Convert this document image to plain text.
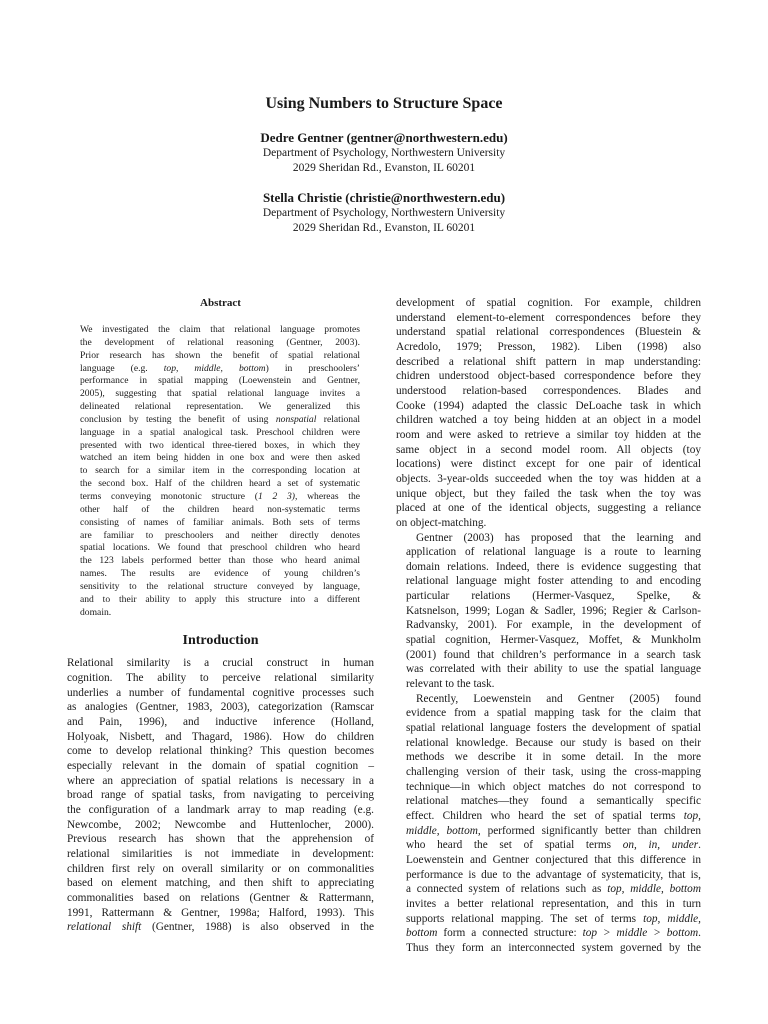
Using Numbers to Structure Space
Dedre Gentner (gentner@northwestern.edu)
Department of Psychology, Northwestern University
2029 Sheridan Rd., Evanston, IL 60201
Stella Christie (christie@northwestern.edu)
Department of Psychology, Northwestern University
2029 Sheridan Rd., Evanston, IL 60201
Abstract
We investigated the claim that relational language promotes
the development of relational reasoning (Gentner, 2003).
Prior research has shown the benefit of spatial relational
language (e.g. top, middle, bottom) in preschoolers’
performance in spatial mapping (Loewenstein and Gentner,
2005), suggesting that spatial relational language invites a
delineated relational representation. We generalized this
conclusion by testing the benefit of using nonspatial relational
language in a spatial analogical task. Preschool children were
presented with two identical three-tiered boxes, in which they
watched an item being hidden in one box and were then asked
to search for a similar item in the corresponding location at
the second box. Half of the children heard a set of systematic
terms conveying monotonic structure (1 2 3), whereas the
other half of the children heard non-systematic terms
consisting of names of familiar animals. Both sets of terms
are familiar to preschoolers and neither directly denotes
spatial locations. We found that preschool children who heard
the 123 labels performed better than those who heard animal
names. The results are evidence of young children’s
sensitivity to the relational structure conveyed by language,
and to their ability to apply this structure into a different
domain.
Introduction
Relational similarity is a crucial construct in human
cognition. The ability to perceive relational similarity
underlies a number of fundamental cognitive processes such
as analogies (Gentner, 1983, 2003), categorization (Ramscar
and Pain, 1996), and inductive inference (Holland,
Holyoak, Nisbett, and Thagard, 1986). How do children
come to develop relational thinking? This question becomes
especially relevant in the domain of spatial cognition –
where an appreciation of spatial relations is necessary in a
broad range of spatial tasks, from navigating to perceiving
the configuration of a landmark array to map reading (e.g.
Newcombe, 2002; Newcombe and Huttenlocher, 2000).
Previous research has shown that the apprehension of
relational similarities is not immediate in development:
children first rely on overall similarity or on commonalities
based on element matching, and then shift to appreciating
commonalities based on relations (Gentner & Rattermann,
1991, Rattermann & Gentner, 1998a; Halford, 1993). This
relational shift (Gentner, 1988) is also observed in the
development of spatial cognition. For example, children
understand element-to-element correspondences before they
understand spatial relational correspondences (Bluestein &
Acredolo, 1979; Presson, 1982). Liben (1998) also
described a relational shift pattern in map understanding:
chidren understood object-based correspondence before they
understood relation-based correspondences. Blades and
Cooke (1994) adapted the classic DeLoache task in which
children watched a toy being hidden at an object in a model
room and were asked to retrieve a similar toy hidden at the
same object in a second model room. All objects (toy
locations) were distinct except for one pair of identical
objects. 3-year-olds succeeded when the toy was hidden at a
unique object, but they failed the task when the toy was
placed at one of the identical objects, suggesting a reliance
on object-matching.
Gentner (2003) has proposed that the learning and
application of relational language is a route to learning
domain relations. Indeed, there is evidence suggesting that
relational language might foster attending to and encoding
particular relations (Hermer-Vasquez, Spelke, &
Katsnelson, 1999; Logan & Sadler, 1996; Regier & Carlson-
Radvansky, 2001). For example, in the development of
spatial cognition, Hermer-Vasquez, Moffet, & Munkholm
(2001) found that children’s performance in a search task
was correlated with their ability to use the spatial language
relevant to the task.
Recently, Loewenstein and Gentner (2005) found
evidence from a spatial mapping task for the claim that
spatial relational language fosters the development of spatial
relational knowledge. Because our study is based on their
methods we describe it in some detail. In the more
challenging version of their task, using the cross-mapping
technique—in which object matches do not correspond to
relational matches—they found a semantically specific
effect. Children who heard the set of spatial terms top,
middle, bottom, performed significantly better than children
who heard the set of spatial terms on, in, under.
Loewenstein and Gentner conjectured that this difference in
performance is due to the advantage of systematicity, that is,
a connected system of relations such as top, middle, bottom
invites a better relational representation, and this in turn
supports relational mapping. The set of terms top, middle,
bottom form a connected structure: top > middle > bottom.
Thus they form an interconnected system governed by the
